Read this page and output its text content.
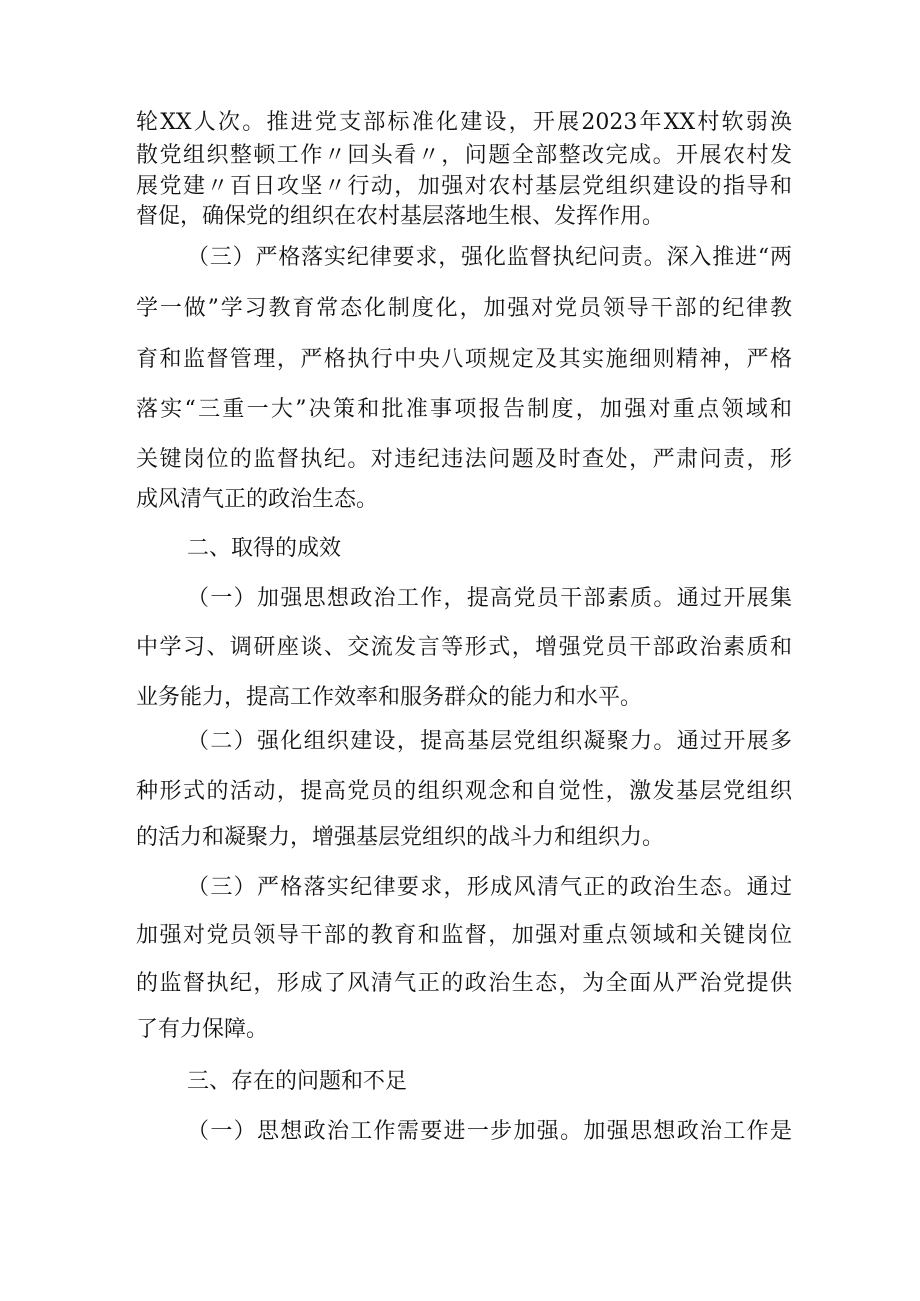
轮XX人次。推进党支部标准化建设，开展2023年XX村软弱涣
散党组织整顿工作〃回头看〃，问题全部整改完成。开展农村发
展党建〃百日攻坚〃行动，加强对农村基层党组织建设的指导和
督促，确保党的组织在农村基层落地生根、发挥作用。
（三）严格落实纪律要求，强化监督执纪问责。深入推进“两
学一做”学习教育常态化制度化，加强对党员领导干部的纪律教
育和监督管理，严格执行中央八项规定及其实施细则精神，严格
落实“三重一大”决策和批准事项报告制度，加强对重点领域和
关键岗位的监督执纪。对违纪违法问题及时查处，严肃问责，形
成风清气正的政治生态。
二、取得的成效
（一）加强思想政治工作，提高党员干部素质。通过开展集
中学习、调研座谈、交流发言等形式，增强党员干部政治素质和
业务能力，提高工作效率和服务群众的能力和水平。
（二）强化组织建设，提高基层党组织凝聚力。通过开展多
种形式的活动，提高党员的组织观念和自觉性，激发基层党组织
的活力和凝聚力，增强基层党组织的战斗力和组织力。
（三）严格落实纪律要求，形成风清气正的政治生态。通过
加强对党员领导干部的教育和监督，加强对重点领域和关键岗位
的监督执纪，形成了风清气正的政治生态，为全面从严治党提供
了有力保障。
三、存在的问题和不足
（一）思想政治工作需要进一步加强。加强思想政治工作是
